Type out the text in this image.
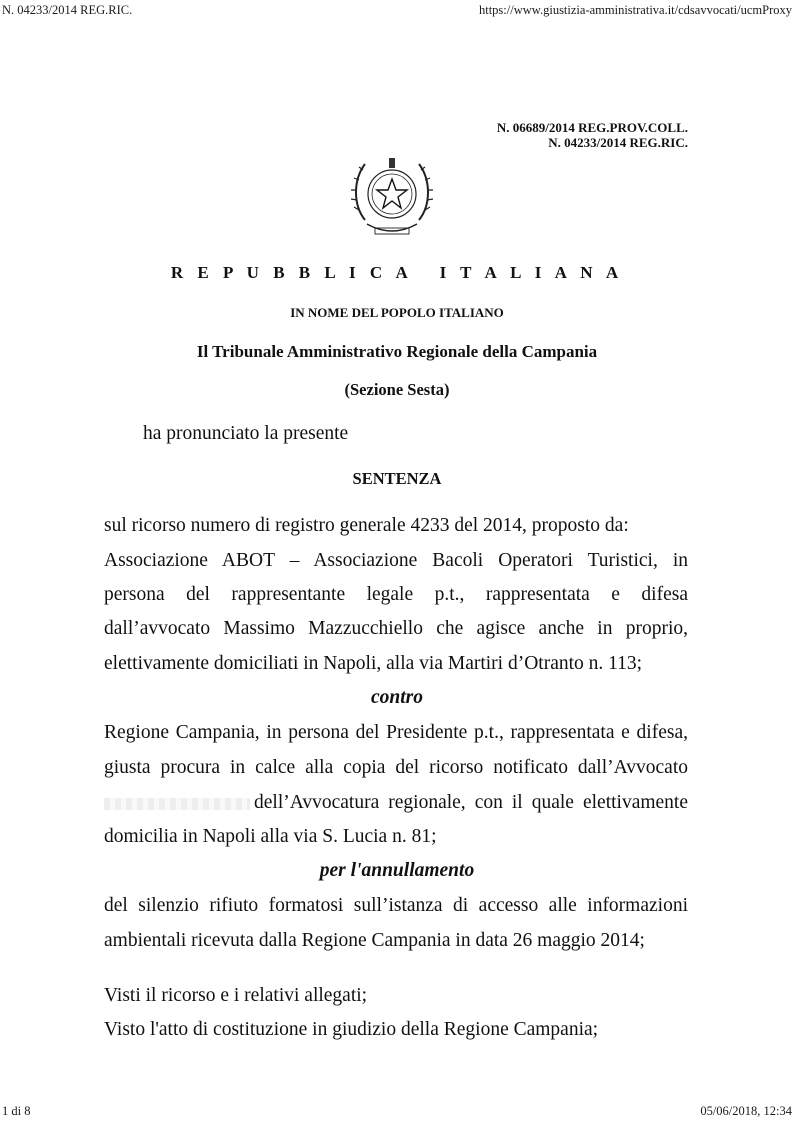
N. 04233/2014 REG.RIC.	https://www.giustizia-amministrativa.it/cdsavvocati/ucmProxy
N. 06689/2014 REG.PROV.COLL.
N. 04233/2014 REG.RIC.
R E P U B B L I C A   I T A L I A N A
IN NOME DEL POPOLO ITALIANO
Il Tribunale Amministrativo Regionale della Campania
(Sezione Sesta)
ha pronunciato la presente
SENTENZA
sul ricorso numero di registro generale 4233 del 2014, proposto da:
Associazione ABOT – Associazione Bacoli Operatori Turistici, in
persona del rappresentante legale p.t., rappresentata e difesa
dall’avvocato Massimo Mazzucchiello che agisce anche in proprio,
elettivamente domiciliati in Napoli, alla via Martiri d’Otranto n. 113;
contro
Regione Campania, in persona del Presidente p.t., rappresentata e difesa,
giusta procura in calce alla copia del ricorso notificato dall’Avvocato
dell’Avvocatura regionale, con il quale elettivamente
domicilia in Napoli alla via S. Lucia n. 81;
per l'annullamento
del silenzio rifiuto formatosi sull’istanza di accesso alle informazioni
ambientali ricevuta dalla Regione Campania in data 26 maggio 2014;
Visti il ricorso e i relativi allegati;
Visto l'atto di costituzione in giudizio della Regione Campania;
1 di 8	05/06/2018, 12:34
